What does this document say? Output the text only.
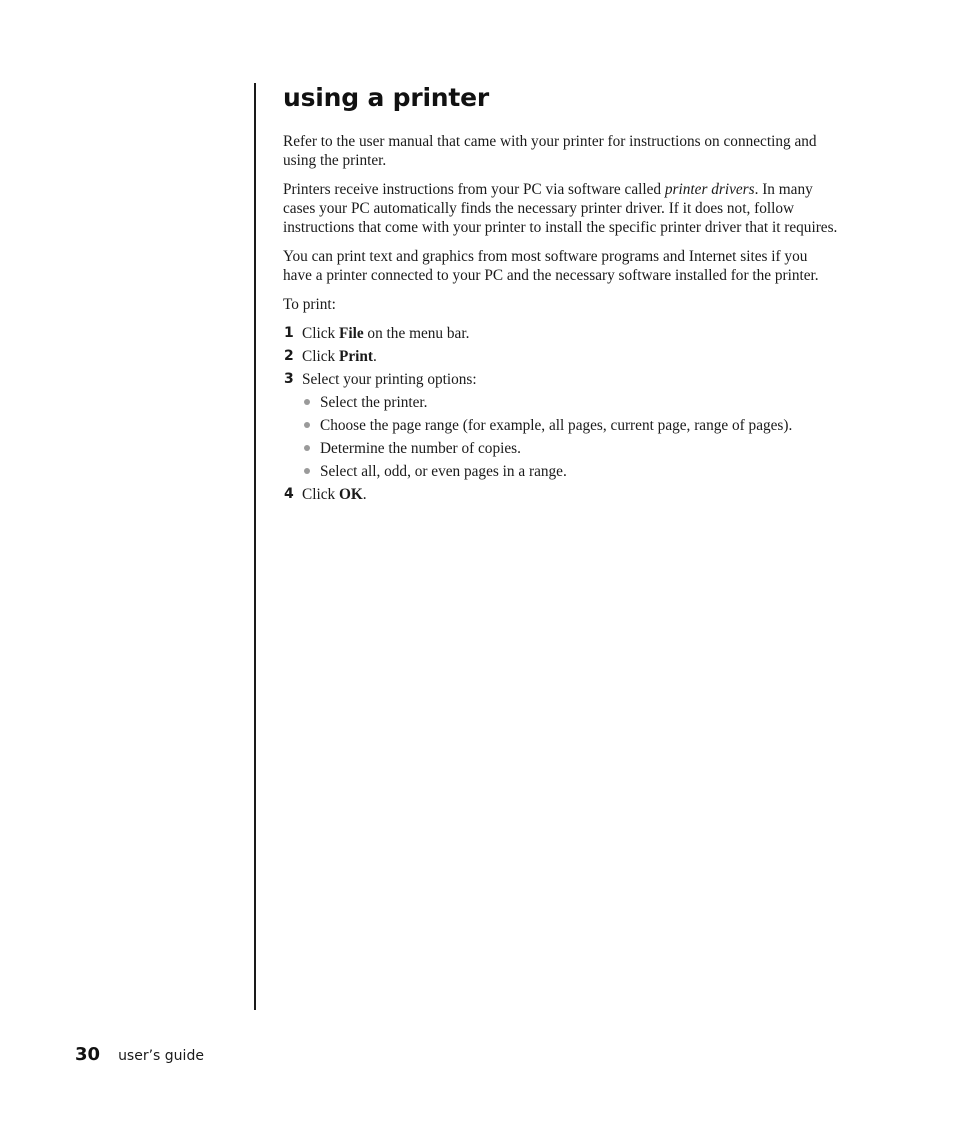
using a printer

Refer to the user manual that came with your printer for instructions on connecting and using the printer.

Printers receive instructions from your PC via software called printer drivers. In many cases your PC automatically finds the necessary printer driver. If it does not, follow instructions that come with your printer to install the specific printer driver that it requires.

You can print text and graphics from most software programs and Internet sites if you have a printer connected to your PC and the necessary software installed for the printer.

To print:

1 Click File on the menu bar.
2 Click Print.
3 Select your printing options:
Select the printer.
Choose the page range (for example, all pages, current page, range of pages).
Determine the number of copies.
Select all, odd, or even pages in a range.
4 Click OK.
30 user’s guide
